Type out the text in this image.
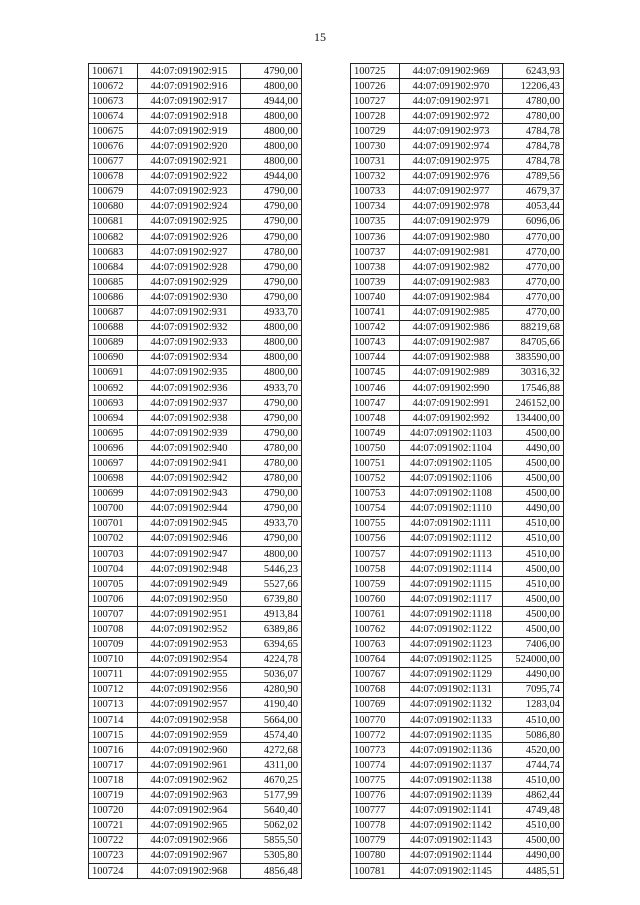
15
100671	44:07:091902:915	4790,00
100672	44:07:091902:916	4800,00
100673	44:07:091902:917	4944,00
100674	44:07:091902:918	4800,00
100675	44:07:091902:919	4800,00
100676	44:07:091902:920	4800,00
100677	44:07:091902:921	4800,00
100678	44:07:091902:922	4944,00
100679	44:07:091902:923	4790,00
100680	44:07:091902:924	4790,00
100681	44:07:091902:925	4790,00
100682	44:07:091902:926	4790,00
100683	44:07:091902:927	4780,00
100684	44:07:091902:928	4790,00
100685	44:07:091902:929	4790,00
100686	44:07:091902:930	4790,00
100687	44:07:091902:931	4933,70
100688	44:07:091902:932	4800,00
100689	44:07:091902:933	4800,00
100690	44:07:091902:934	4800,00
100691	44:07:091902:935	4800,00
100692	44:07:091902:936	4933,70
100693	44:07:091902:937	4790,00
100694	44:07:091902:938	4790,00
100695	44:07:091902:939	4790,00
100696	44:07:091902:940	4780,00
100697	44:07:091902:941	4780,00
100698	44:07:091902:942	4780,00
100699	44:07:091902:943	4790,00
100700	44:07:091902:944	4790,00
100701	44:07:091902:945	4933,70
100702	44:07:091902:946	4790,00
100703	44:07:091902:947	4800,00
100704	44:07:091902:948	5446,23
100705	44:07:091902:949	5527,66
100706	44:07:091902:950	6739,80
100707	44:07:091902:951	4913,84
100708	44:07:091902:952	6389,86
100709	44:07:091902:953	6394,65
100710	44:07:091902:954	4224,78
100711	44:07:091902:955	5036,07
100712	44:07:091902:956	4280,90
100713	44:07:091902:957	4190,40
100714	44:07:091902:958	5664,00
100715	44:07:091902:959	4574,40
100716	44:07:091902:960	4272,68
100717	44:07:091902:961	4311,00
100718	44:07:091902:962	4670,25
100719	44:07:091902:963	5177,99
100720	44:07:091902:964	5640,40
100721	44:07:091902:965	5062,02
100722	44:07:091902:966	5855,50
100723	44:07:091902:967	5305,80
100724	44:07:091902:968	4856,48
100725	44:07:091902:969	6243,93
100726	44:07:091902:970	12206,43
100727	44:07:091902:971	4780,00
100728	44:07:091902:972	4780,00
100729	44:07:091902:973	4784,78
100730	44:07:091902:974	4784,78
100731	44:07:091902:975	4784,78
100732	44:07:091902:976	4789,56
100733	44:07:091902:977	4679,37
100734	44:07:091902:978	4053,44
100735	44:07:091902:979	6096,06
100736	44:07:091902:980	4770,00
100737	44:07:091902:981	4770,00
100738	44:07:091902:982	4770,00
100739	44:07:091902:983	4770,00
100740	44:07:091902:984	4770,00
100741	44:07:091902:985	4770,00
100742	44:07:091902:986	88219,68
100743	44:07:091902:987	84705,66
100744	44:07:091902:988	383590,00
100745	44:07:091902:989	30316,32
100746	44:07:091902:990	17546,88
100747	44:07:091902:991	246152,00
100748	44:07:091902:992	134400,00
100749	44:07:091902:1103	4500,00
100750	44:07:091902:1104	4490,00
100751	44:07:091902:1105	4500,00
100752	44:07:091902:1106	4500,00
100753	44:07:091902:1108	4500,00
100754	44:07:091902:1110	4490,00
100755	44:07:091902:1111	4510,00
100756	44:07:091902:1112	4510,00
100757	44:07:091902:1113	4510,00
100758	44:07:091902:1114	4500,00
100759	44:07:091902:1115	4510,00
100760	44:07:091902:1117	4500,00
100761	44:07:091902:1118	4500,00
100762	44:07:091902:1122	4500,00
100763	44:07:091902:1123	7406,00
100764	44:07:091902:1125	524000,00
100767	44:07:091902:1129	4490,00
100768	44:07:091902:1131	7095,74
100769	44:07:091902:1132	1283,04
100770	44:07:091902:1133	4510,00
100772	44:07:091902:1135	5086,80
100773	44:07:091902:1136	4520,00
100774	44:07:091902:1137	4744,74
100775	44:07:091902:1138	4510,00
100776	44:07:091902:1139	4862,44
100777	44:07:091902:1141	4749,48
100778	44:07:091902:1142	4510,00
100779	44:07:091902:1143	4500,00
100780	44:07:091902:1144	4490,00
100781	44:07:091902:1145	4485,51
